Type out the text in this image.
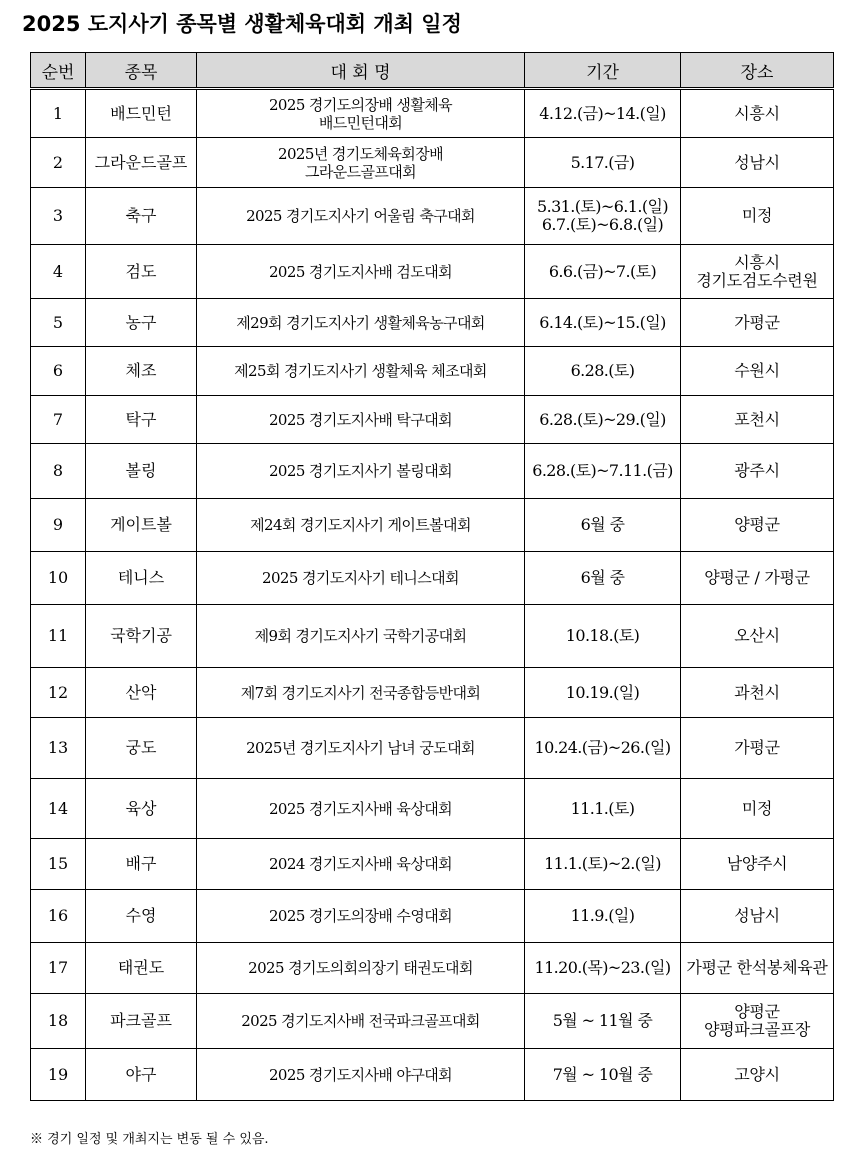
2025 도지사기 종목별 생활체육대회 개최 일정
순번	종목	대 회 명	기간	장소
1	배드민턴	2025 경기도의장배 생활체육
배드민턴대회	4.12.(금)~14.(일)	시흥시

2	그라운드골프	2025년 경기도체육회장배
그라운드골프대회	5.17.(금)	성남시

3	축구	2025 경기도지사기 어울림 축구대회	5.31.(토)~6.1.(일)
6.7.(토)~6.8.(일)	미정

4	검도	2025 경기도지사배 검도대회	6.6.(금)~7.(토)	시흥시
경기도검도수련원

5	농구	제29회 경기도지사기 생활체육농구대회	6.14.(토)~15.(일)	가평군

6	체조	제25회 경기도지사기 생활체육 체조대회	6.28.(토)	수원시

7	탁구	2025 경기도지사배 탁구대회	6.28.(토)~29.(일)	포천시

8	볼링	2025 경기도지사기 볼링대회	6.28.(토)~7.11.(금)	광주시

9	게이트볼	제24회 경기도지사기 게이트볼대회	6월 중	양평군

10	테니스	2025 경기도지사기 테니스대회	6월 중	양평군 / 가평군

11	국학기공	제9회 경기도지사기 국학기공대회	10.18.(토)	오산시

12	산악	제7회 경기도지사기 전국종합등반대회	10.19.(일)	과천시

13	궁도	2025년 경기도지사기 남녀 궁도대회	10.24.(금)~26.(일)	가평군

14	육상	2025 경기도지사배 육상대회	11.1.(토)	미정

15	배구	2024 경기도지사배 육상대회	11.1.(토)~2.(일)	남양주시

16	수영	2025 경기도의장배 수영대회	11.9.(일)	성남시

17	태권도	2025 경기도의회의장기 태권도대회	11.20.(목)~23.(일)	가평군 한석봉체육관

18	파크골프	2025 경기도지사배 전국파크골프대회	5월 ~ 11월 중	양평군
양평파크골프장

19	야구	2025 경기도지사배 야구대회	7월 ~ 10월 중	고양시
※ 경기 일정 및 개최지는 변동 될 수 있음.
